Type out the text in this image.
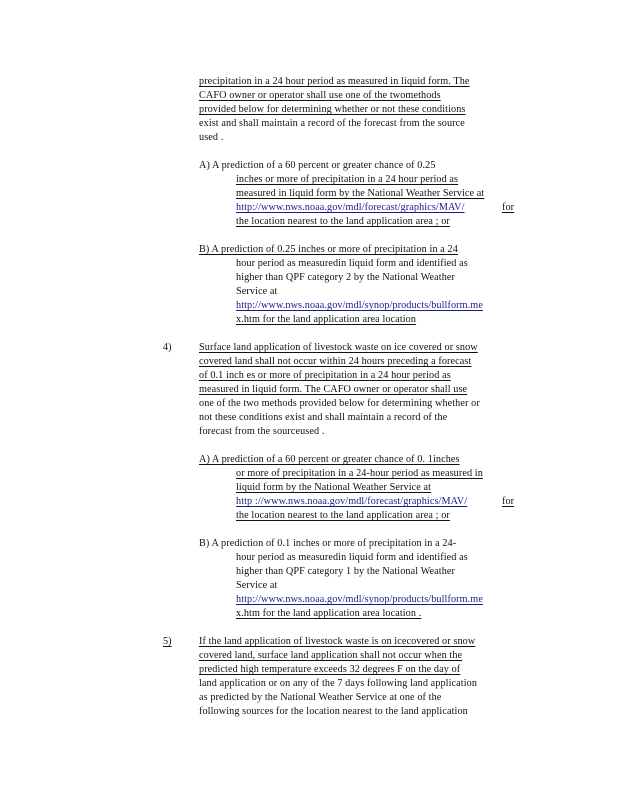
precipitation in a 24 hour period as measured in liquid form. The
CAFO owner or operator shall use one of the twomethods
provided below for determining whether or not these conditions
exist and shall maintain a record of the forecast from the source
used .
A) A prediction of a 60 percent or greater chance of 0.25
inches or more of precipitation in a 24 hour period as
measured in liquid form by the National Weather Service at
http://www.nws.noaa.gov/mdl/forecast/graphics/MAV/	for
the location nearest to the land application area ; or
B) A prediction of 0.25 inches or more of precipitation in a 24
hour period as measuredin liquid form and identified as
higher than QPF category 2 by the National Weather
Service at
http://www.nws.noaa.gov/mdl/synop/products/bullform.me
x.htm for the land application area location
4)	Surface land application of livestock waste on ice covered or snow
covered land shall not occur within 24 hours preceding a forecast
of 0.1 inch es or more of precipitation in a 24 hour period as
measured in liquid form. The CAFO owner or operator shall use
one of the two methods provided below for determining whether or
not these conditions exist and shall maintain a record of the
forecast from the sourceused .
A) A prediction of a 60 percent or greater chance of 0. 1inches
or more of precipitation in a 24-hour period as measured in
liquid form by the National Weather Service at
http ://www.nws.noaa.gov/mdl/forecast/graphics/MAV/	for
the location nearest to the land application area ; or
B) A prediction of 0.1 inches or more of precipitation in a 24-
hour period as measuredin liquid form and identified as
higher than QPF category 1 by the National Weather
Service at
http://www.nws.noaa.gov/mdl/synop/products/bullform.me
x.htm for the land application area location .
5)	If the land application of livestock waste is on icecovered or snow
covered land, surface land application shall not occur when the
predicted high temperature exceeds 32 degrees F on the day of
land application or on any of the 7 days following land application
as predicted by the National Weather Service at one of the
following sources for the location nearest to the land application
